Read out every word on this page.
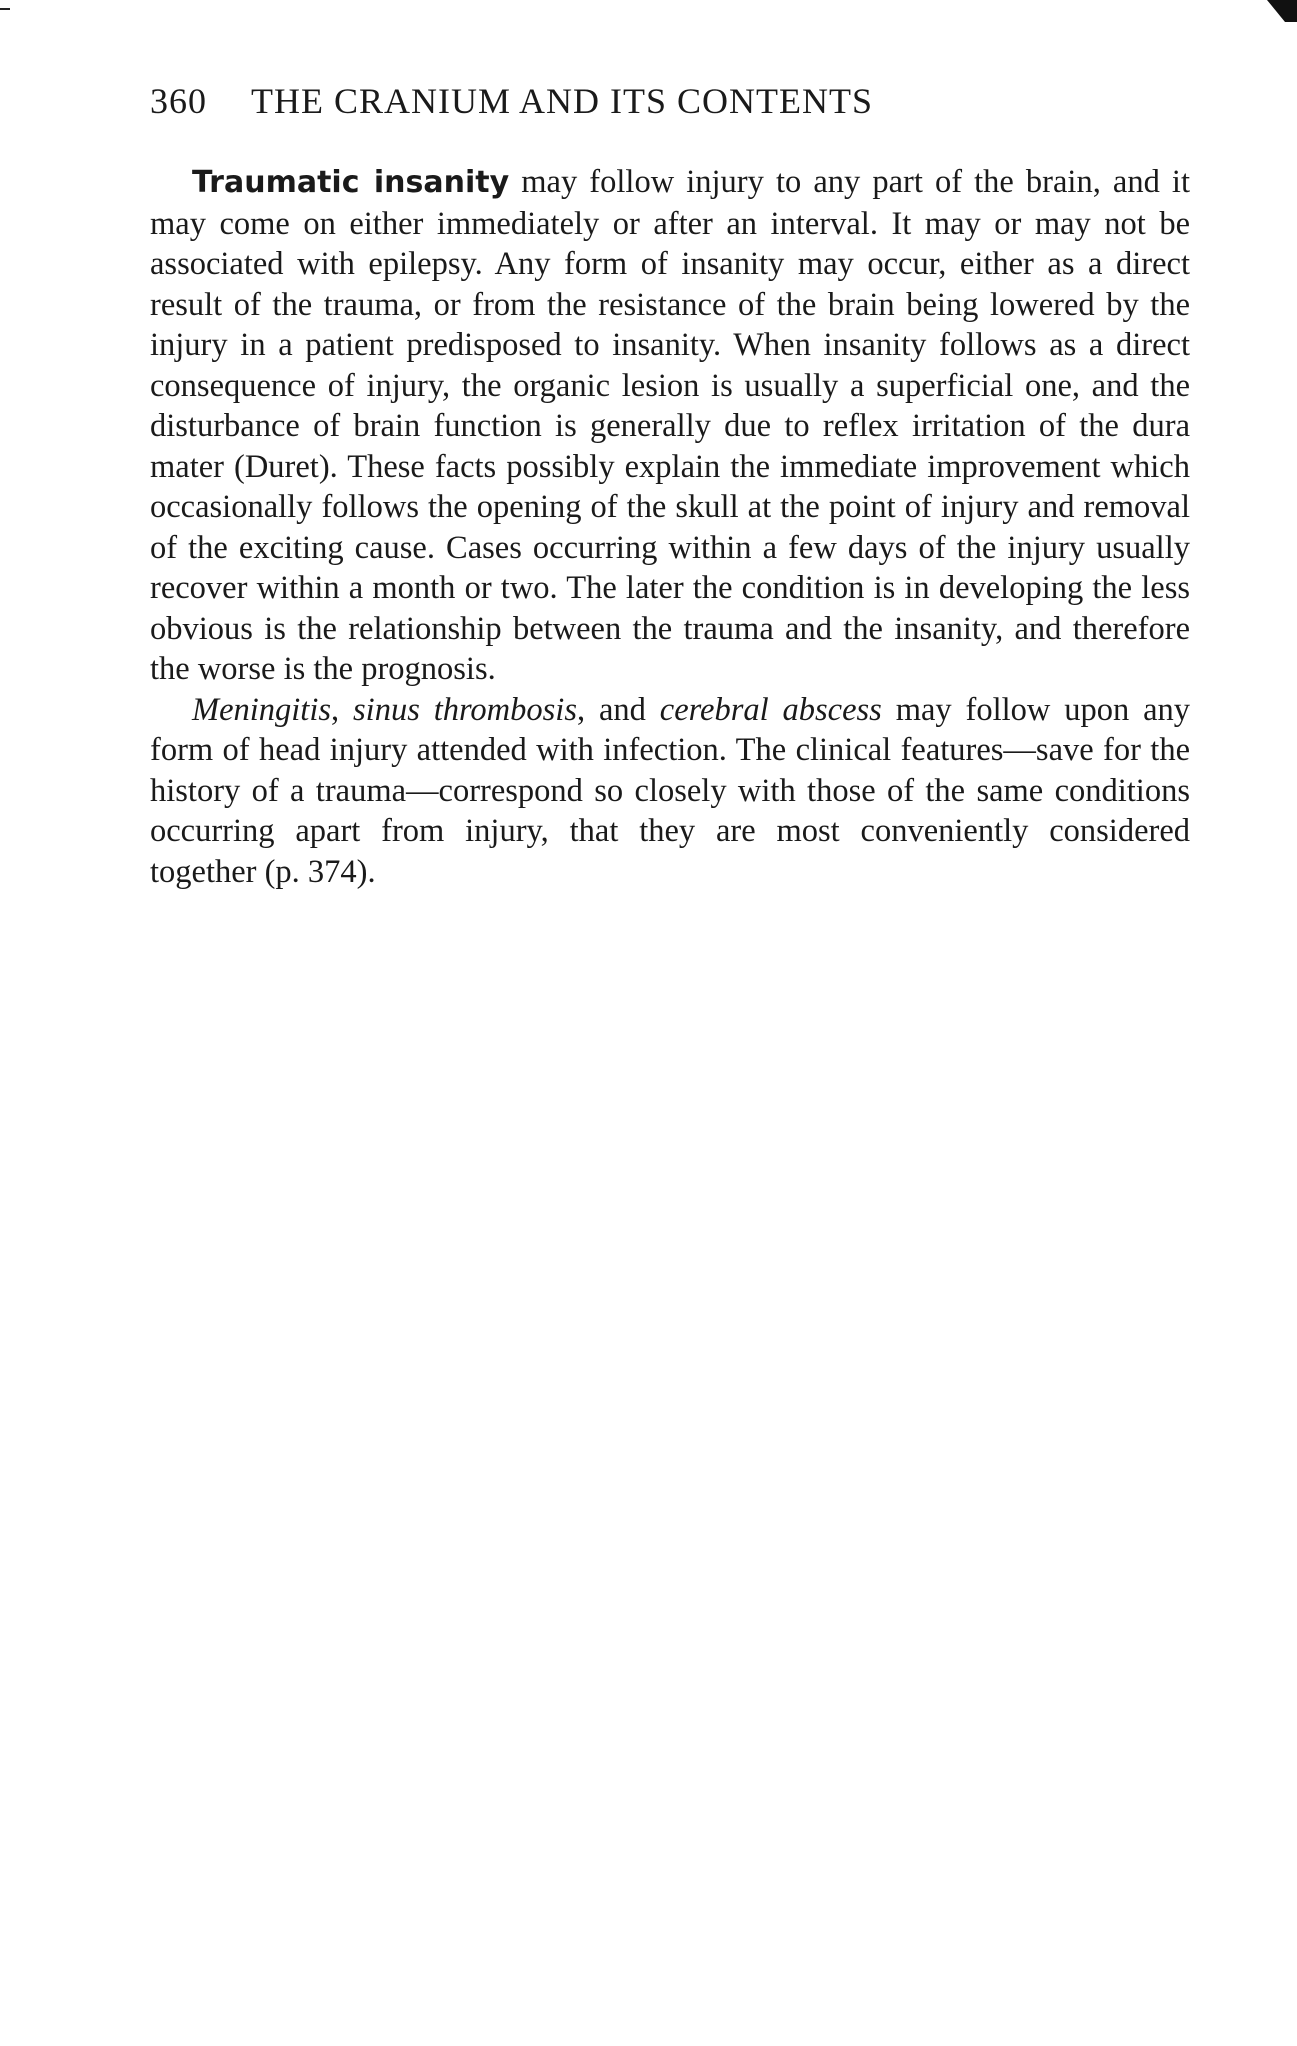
360 THE CRANIUM AND ITS CONTENTS

Traumatic insanity may follow injury to any part of the brain, and it may come on either immediately or after an interval. It may or may not be associated with epilepsy. Any form of insanity may occur, either as a direct result of the trauma, or from the resistance of the brain being lowered by the injury in a patient predisposed to insanity. When insanity follows as a direct consequence of injury, the organic lesion is usually a superficial one, and the disturbance of brain function is generally due to reflex irritation of the dura mater (Duret). These facts possibly explain the immediate improvement which occasionally follows the opening of the skull at the point of injury and removal of the exciting cause. Cases occurring within a few days of the injury usually recover within a month or two. The later the condition is in developing the less obvious is the relationship between the trauma and the insanity, and therefore the worse is the prognosis.

Meningitis, sinus thrombosis, and cerebral abscess may follow upon any form of head injury attended with infection. The clinical features—save for the history of a trauma—correspond so closely with those of the same conditions occurring apart from injury, that they are most conveniently considered together (p. 374).
